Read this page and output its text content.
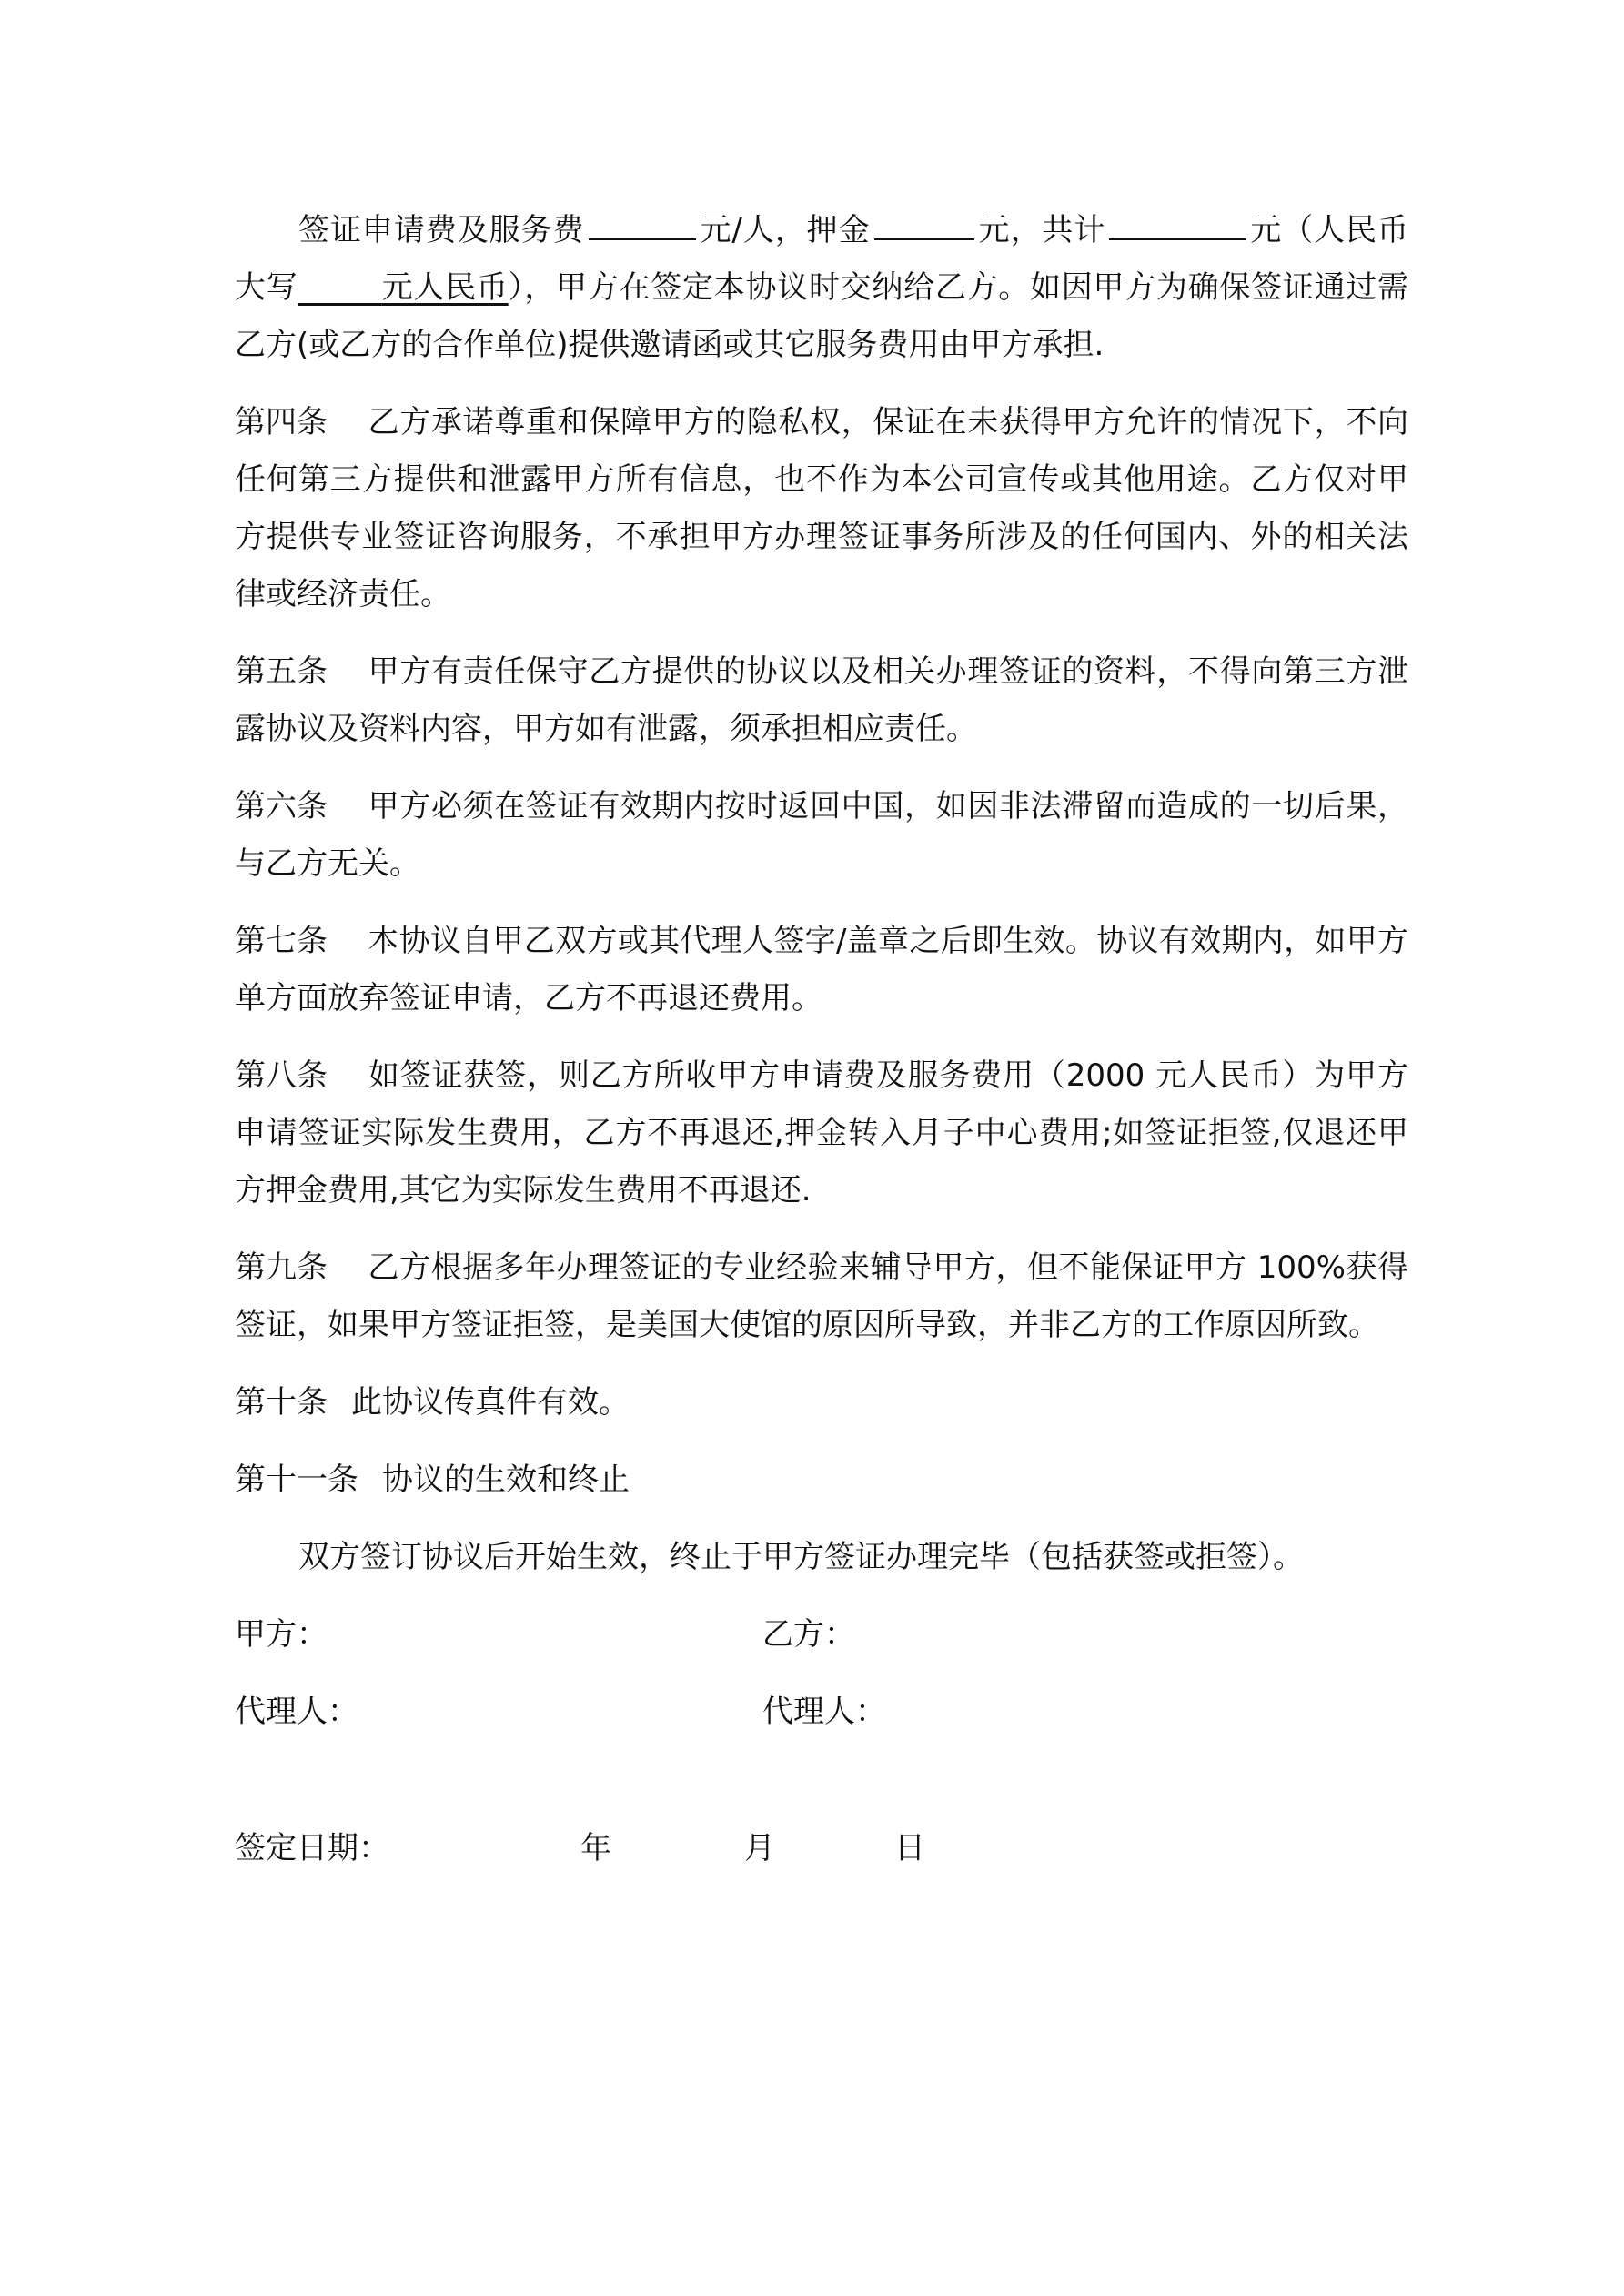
签证申请费及服务费	元/人，押金	元，共计	元（人民币大写	元人民币），甲方在签定本协议时交纳给乙方。如因甲方为确保签证通过需乙方(或乙方的合作单位)提供邀请函或其它服务费用由甲方承担.

第四条 乙方承诺尊重和保障甲方的隐私权，保证在未获得甲方允许的情况下，不向任何第三方提供和泄露甲方所有信息，也不作为本公司宣传或其他用途。乙方仅对甲方提供专业签证咨询服务，不承担甲方办理签证事务所涉及的任何国内、外的相关法律或经济责任。

第五条 甲方有责任保守乙方提供的协议以及相关办理签证的资料，不得向第三方泄露协议及资料内容，甲方如有泄露，须承担相应责任。

第六条 甲方必须在签证有效期内按时返回中国，如因非法滞留而造成的一切后果，与乙方无关。

第七条 本协议自甲乙双方或其代理人签字/盖章之后即生效。协议有效期内，如甲方单方面放弃签证申请，乙方不再退还费用。

第八条 如签证获签，则乙方所收甲方申请费及服务费用（2000 元人民币）为甲方申请签证实际发生费用，乙方不再退还,押金转入月子中心费用;如签证拒签,仅退还甲方押金费用,其它为实际发生费用不再退还.

第九条 乙方根据多年办理签证的专业经验来辅导甲方，但不能保证甲方 100%获得签证，如果甲方签证拒签，是美国大使馆的原因所导致，并非乙方的工作原因所致。

第十条 此协议传真件有效。

第十一条 协议的生效和终止

双方签订协议后开始生效，终止于甲方签证办理完毕（包括获签或拒签）。

甲方：	乙方：
代理人：	代理人：
签定日期：	年	月	日
